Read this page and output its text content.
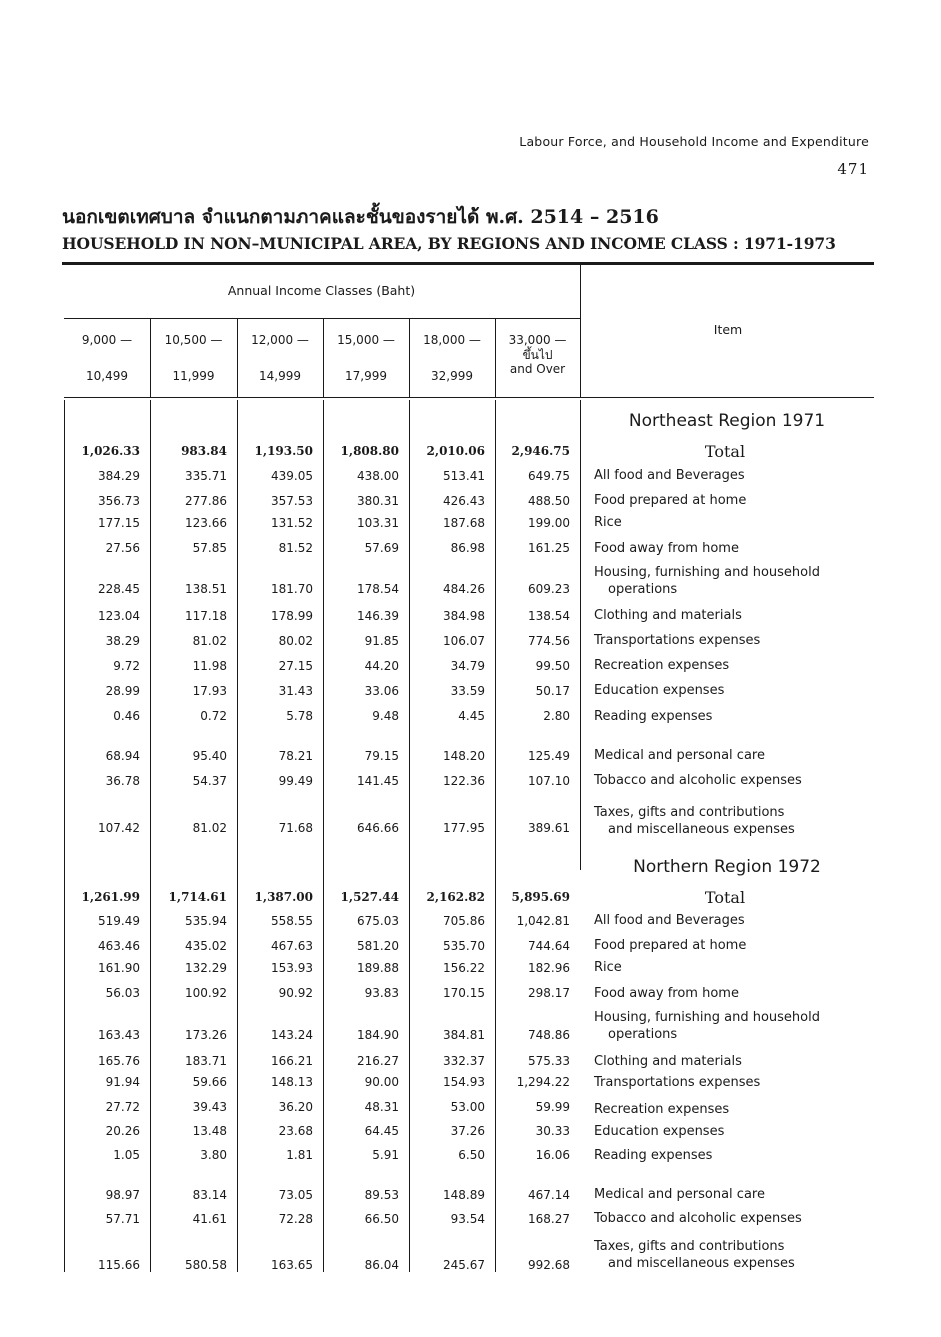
Labour Force, and Household Income and Expenditure
471
นอกเขตเทศบาล จำแนกตามภาคและชั้นของรายได้ พ.ศ. 2514 – 2516
HOUSEHOLD IN NON–MUNICIPAL AREA, BY REGIONS AND INCOME CLASS : 1971-1973
Annual Income Classes (Baht)
Item
9,000 —
10,499
10,500 —
11,999
12,000 —
14,999
15,000 —
17,999
18,000 —
32,999
33,000 —
ขึ้นไป
and Over
Northeast Region 1971
1,026.33	983.84	1,193.50	1,808.80	2,010.06	2,946.75	Total
384.29	335.71	439.05	438.00	513.41	649.75 All food and Beverages
356.73	277.86	357.53	380.31	426.43	488.50 Food prepared at home
177.15	123.66	131.52	103.31	187.68	199.00 Rice
27.56	57.85	81.52	57.69	86.98	161.25 Food away from home
228.45	138.51	181.70	178.54	484.26	609.23
Housing, furnishing and household
operations
123.04	117.18	178.99	146.39	384.98	138.54 Clothing and materials
38.29	81.02	80.02	91.85	106.07	774.56 Transportations expenses
9.72	11.98	27.15	44.20	34.79	99.50 Recreation expenses
28.99	17.93	31.43	33.06	33.59	50.17 Education expenses
0.46	0.72	5.78	9.48	4.45	2.80 Reading expenses
68.94	95.40	78.21	79.15	148.20	125.49 Medical and personal care
36.78	54.37	99.49	141.45	122.36	107.10 Tobacco and alcoholic expenses
107.42	81.02	71.68	646.66	177.95	389.61
Taxes, gifts and contributions
and miscellaneous expenses
Northern Region 1972
1,261.99	1,714.61	1,387.00	1,527.44	2,162.82	5,895.69	Total
519.49	535.94	558.55	675.03	705.86	1,042.81 All food and Beverages
463.46	435.02	467.63	581.20	535.70	744.64 Food prepared at home
161.90	132.29	153.93	189.88	156.22	182.96 Rice
56.03	100.92	90.92	93.83	170.15	298.17 Food away from home
163.43	173.26	143.24	184.90	384.81	748.86
Housing, furnishing and household
operations
165.76	183.71	166.21	216.27	332.37	575.33 Clothing and materials
91.94	59.66	148.13	90.00	154.93	1,294.22 Transportations expenses
27.72	39.43	36.20	48.31	53.00	59.99 Recreation expenses
20.26	13.48	23.68	64.45	37.26	30.33 Education expenses
1.05	3.80	1.81	5.91	6.50	16.06 Reading expenses
98.97	83.14	73.05	89.53	148.89	467.14 Medical and personal care
57.71	41.61	72.28	66.50	93.54	168.27 Tobacco and alcoholic expenses
115.66	580.58	163.65	86.04	245.67	992.68
Taxes, gifts and contributions
and miscellaneous expenses
